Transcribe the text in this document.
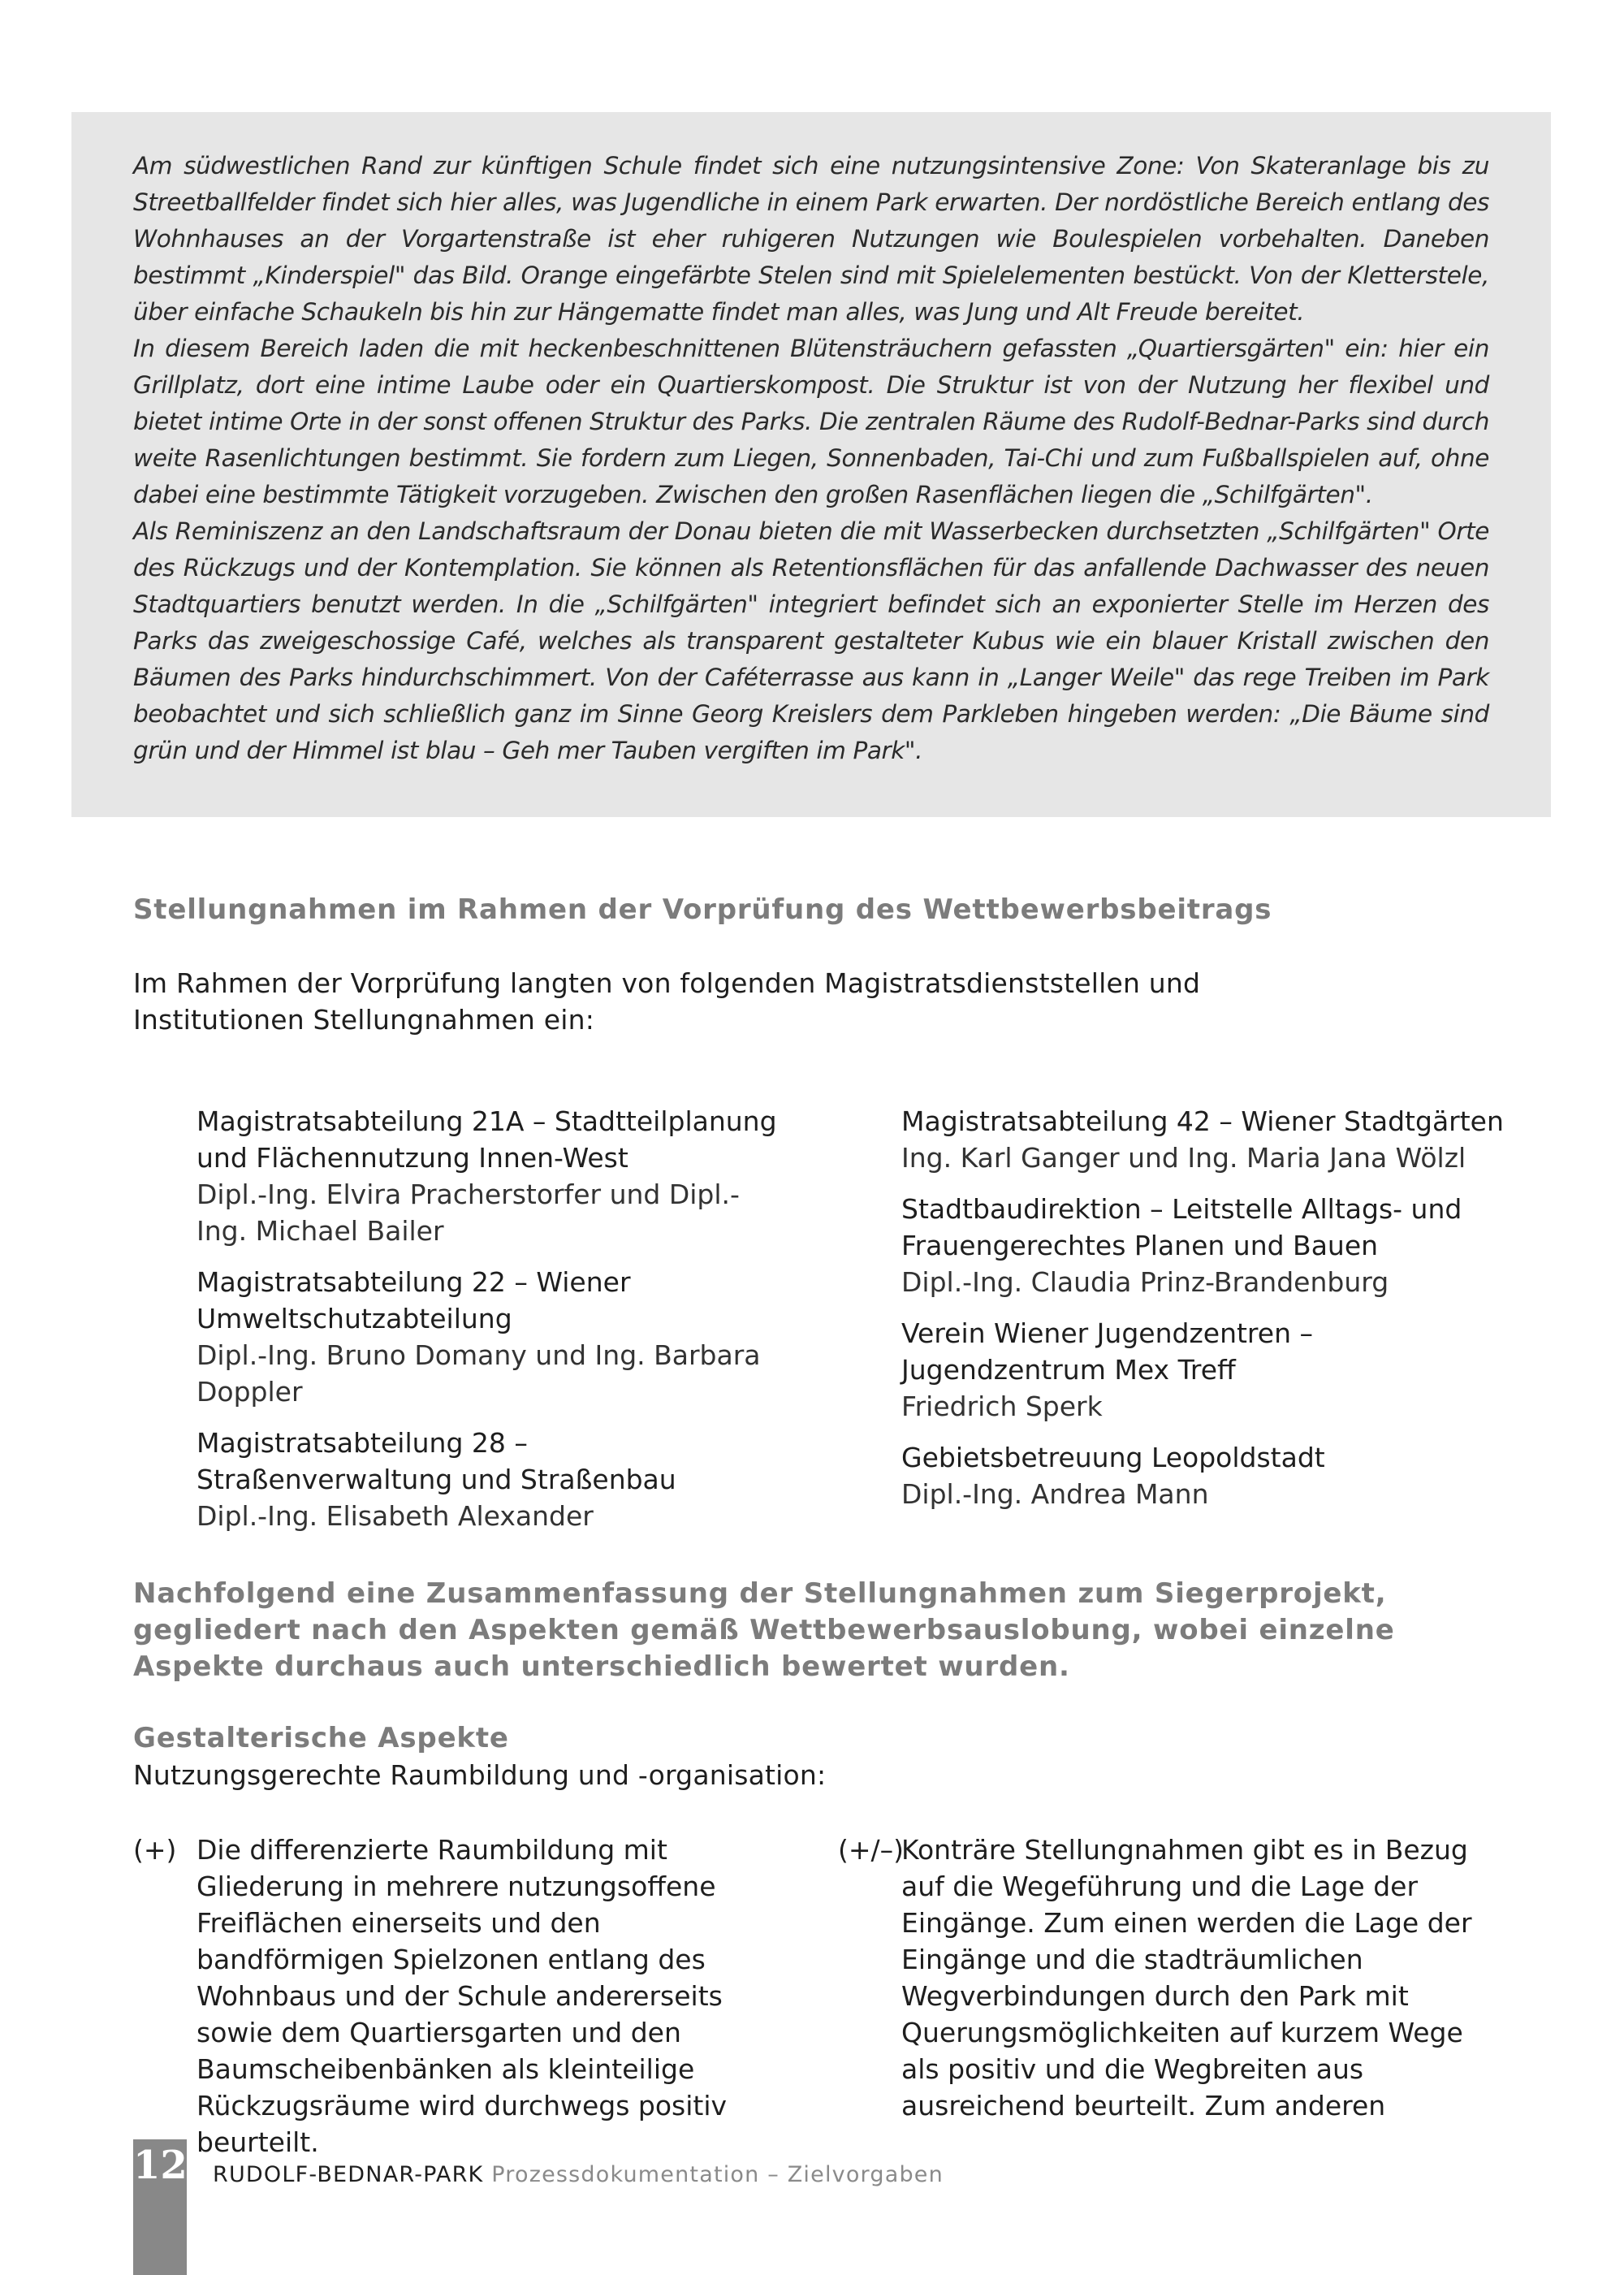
Am südwestlichen Rand zur künftigen Schule findet sich eine nutzungsintensive Zone: Von Skateranlage bis zu Streetballfelder findet sich hier alles, was Jugendliche in einem Park erwarten. Der nordöstliche Bereich entlang des Wohnhauses an der Vorgartenstraße ist eher ruhigeren Nutzungen wie Boulespielen vorbehalten. Daneben bestimmt „Kinderspiel" das Bild. Orange eingefärbte Stelen sind mit Spielelementen bestückt. Von der Kletterstele, über einfache Schaukeln bis hin zur Hängematte findet man alles, was Jung und Alt Freude bereitet.

In diesem Bereich laden die mit heckenbeschnittenen Blütensträuchern gefassten „Quartiersgärten" ein: hier ein Grillplatz, dort eine intime Laube oder ein Quartierskompost. Die Struktur ist von der Nutzung her flexibel und bietet intime Orte in der sonst offenen Struktur des Parks. Die zentralen Räume des Rudolf-Bednar-Parks sind durch weite Rasenlichtungen bestimmt. Sie fordern zum Liegen, Sonnenbaden, Tai-Chi und zum Fußballspielen auf, ohne dabei eine bestimmte Tätigkeit vorzugeben. Zwischen den großen Rasenflächen liegen die „Schilfgärten".

Als Reminiszenz an den Landschaftsraum der Donau bieten die mit Wasserbecken durchsetzten „Schilfgärten" Orte des Rückzugs und der Kontemplation. Sie können als Retentionsflächen für das anfallende Dachwasser des neuen Stadtquartiers benutzt werden. In die „Schilfgärten" integriert befindet sich an exponierter Stelle im Herzen des Parks das zweigeschossige Café, welches als transparent gestalteter Kubus wie ein blauer Kristall zwischen den Bäumen des Parks hindurchschimmert. Von der Caféterrasse aus kann in „Langer Weile" das rege Treiben im Park beobachtet und sich schließlich ganz im Sinne Georg Kreislers dem Parkleben hingeben werden: „Die Bäume sind grün und der Himmel ist blau – Geh mer Tauben vergiften im Park".

Stellungnahmen im Rahmen der Vorprüfung des Wettbewerbsbeitrags

Im Rahmen der Vorprüfung langten von folgenden Magistratsdienststellen und Institutionen Stellungnahmen ein:

Magistratsabteilung 21A – Stadtteilplanung und Flächennutzung Innen-West
Dipl.-Ing. Elvira Pracherstorfer und Dipl.-Ing. Michael Bailer
Magistratsabteilung 22 – Wiener Umweltschutzabteilung
Dipl.-Ing. Bruno Domany und Ing. Barbara Doppler
Magistratsabteilung 28 – Straßenverwaltung und Straßenbau
Dipl.-Ing. Elisabeth Alexander
Magistratsabteilung 42 – Wiener Stadtgärten
Ing. Karl Ganger und Ing. Maria Jana Wölzl
Stadtbaudirektion – Leitstelle Alltags- und Frauengerechtes Planen und Bauen
Dipl.-Ing. Claudia Prinz-Brandenburg
Verein Wiener Jugendzentren – Jugendzentrum Mex Treff
Friedrich Sperk
Gebietsbetreuung Leopoldstadt
Dipl.-Ing. Andrea Mann

Nachfolgend eine Zusammenfassung der Stellungnahmen zum Siegerprojekt, gegliedert nach den Aspekten gemäß Wettbewerbsauslobung, wobei einzelne Aspekte durchaus auch unterschiedlich bewertet wurden.

Gestalterische Aspekte

Nutzungsgerechte Raumbildung und -organisation:

(+) Die differenzierte Raumbildung mit Gliederung in mehrere nutzungsoffene Freiflächen einerseits und den bandförmigen Spielzonen entlang des Wohnbaus und der Schule andererseits sowie dem Quartiersgarten und den Baumscheibenbänken als kleinteilige Rückzugsräume wird durchwegs positiv beurteilt.
(+/–)
Konträre Stellungnahmen gibt es in Bezug auf die Wegeführung und die Lage der Eingänge. Zum einen werden die Lage der Eingänge und die stadträumlichen Wegverbindungen durch den Park mit Querungsmöglichkeiten auf kurzem Wege als positiv und die Wegbreiten aus ausreichend beurteilt. Zum anderen
12 RUDOLF-BEDNAR-PARK Prozessdokumentation – Zielvorgaben
